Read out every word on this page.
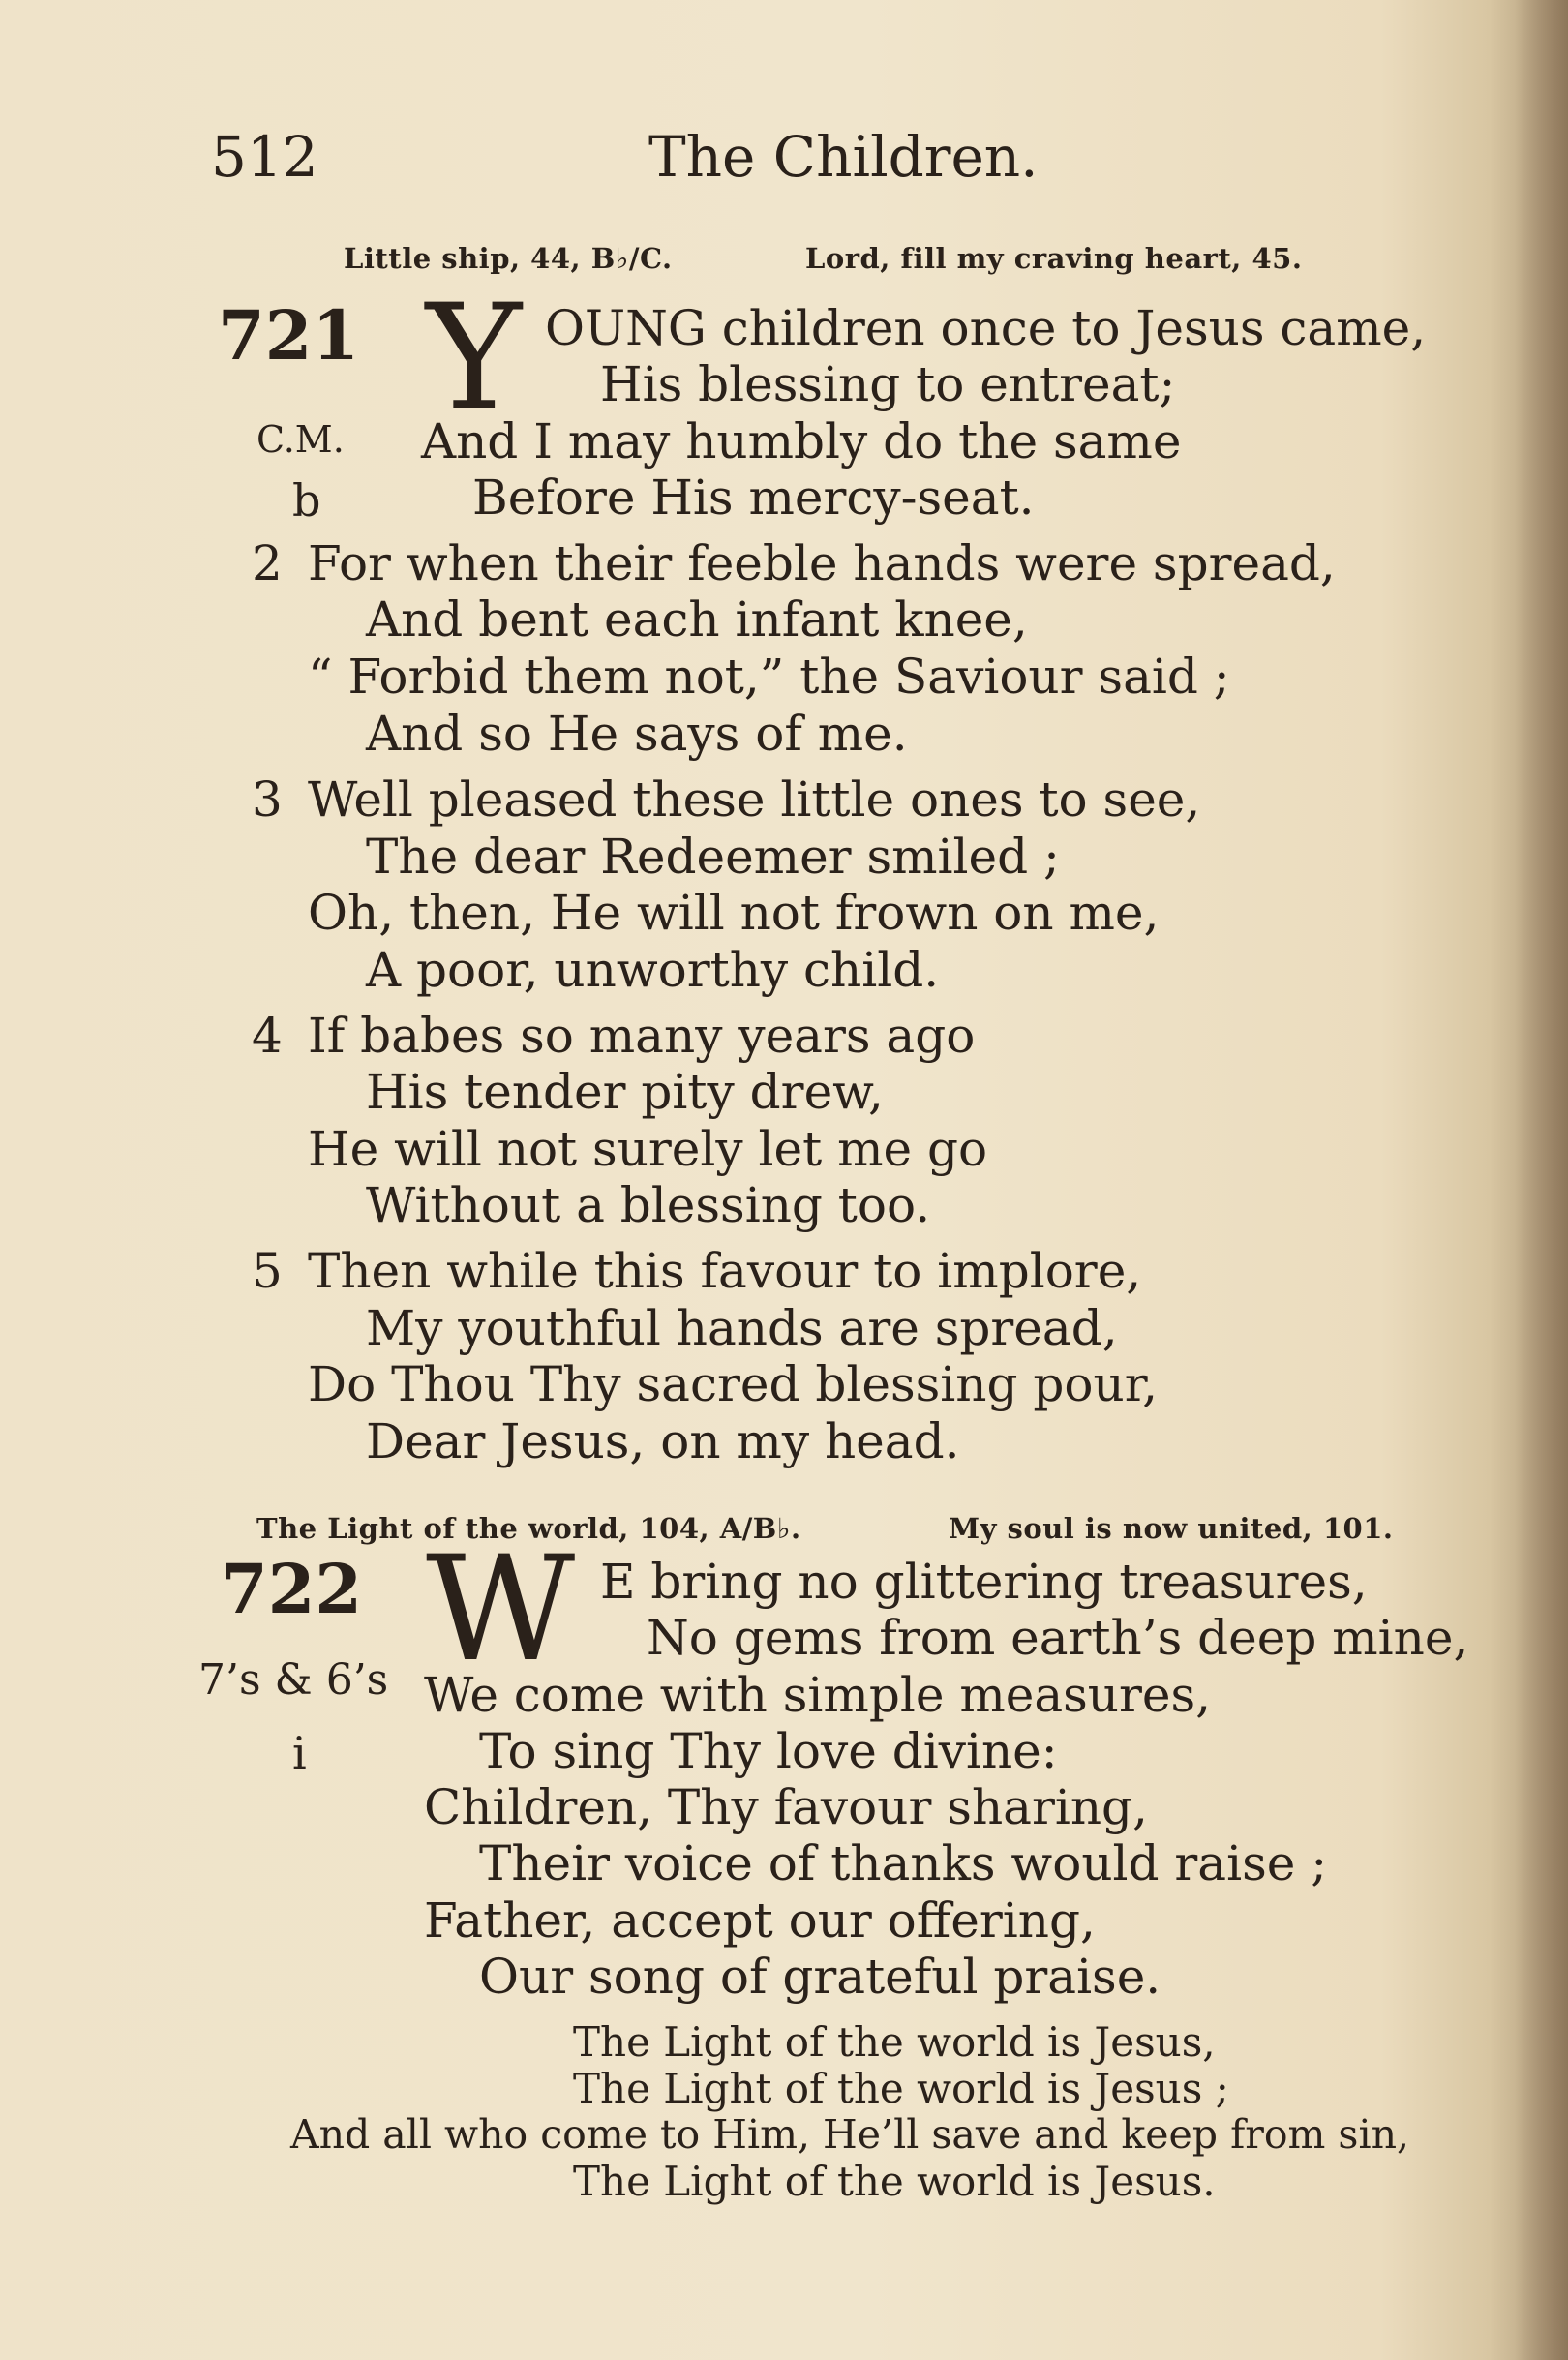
512	The Children.
Little ship, 44, B♭/C.	Lord, fill my craving heart, 45.
721 Y OUNG children once to Jesus came,
His blessing to entreat;
C.M. And I may humbly do the same
b	Before His mercy-seat.
2 For when their feeble hands were spread,
And bent each infant knee,
“ Forbid them not,” the Saviour said ;
And so He says of me.
3 Well pleased these little ones to see,
The dear Redeemer smiled ;
Oh, then, He will not frown on me,
A poor, unworthy child.
4 If babes so many years ago
His tender pity drew,
He will not surely let me go
Without a blessing too.
5 Then while this favour to implore,
My youthful hands are spread,
Do Thou Thy sacred blessing pour,
Dear Jesus, on my head.
The Light of the world, 104, A/B♭.	My soul is now united, 101.
722 W E bring no glittering treasures,
No gems from earth’s deep mine,
7’s & 6’s We come with simple measures,
i	To sing Thy love divine:
Children, Thy favour sharing,
Their voice of thanks would raise ;
Father, accept our offering,
Our song of grateful praise.
The Light of the world is Jesus,
The Light of the world is Jesus ;
And all who come to Him, He’ll save and keep from sin,
The Light of the world is Jesus.
